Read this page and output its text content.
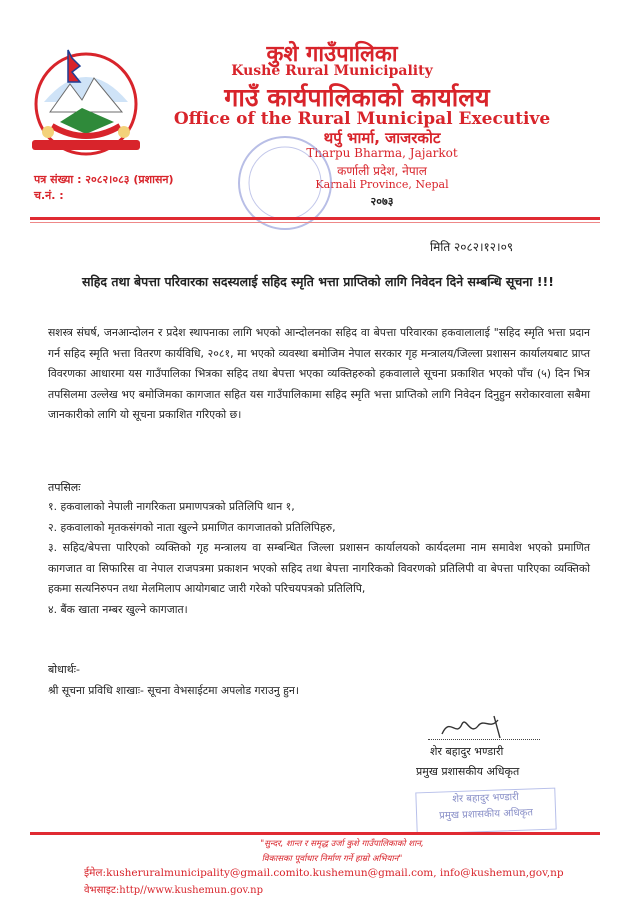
कुशे गाउँपालिका
Kushe Rural Municipality
गाउँ कार्यपालिकाको कार्यालय
Office of the Rural Municipal Executive
थर्पु भार्मा, जाजरकोट
Tharpu Bharma, Jajarkot
कर्णाली प्रदेश, नेपाल
Karnali Province, Nepal
२०७३
पत्र संख्या : २०८२।०८३ (प्रशासन)
च.नं. :
मिति २०८२।१२।०९
सहिद तथा बेपत्ता परिवारका सदस्यलाई सहिद स्मृति भत्ता प्राप्तिको लागि निवेदन दिने सम्बन्धि सूचना !!!
सशस्त्र संघर्ष, जनआन्दोलन र प्रदेश स्थापनाका लागि भएको आन्दोलनका सहिद वा बेपत्ता परिवारका हकवालालाई "सहिद स्मृति भत्ता प्रदान गर्न सहिद स्मृति भत्ता वितरण कार्यविधि, २०८१, मा भएको व्यवस्था बमोजिम नेपाल सरकार गृह मन्त्रालय/जिल्ला प्रशासन कार्यालयबाट प्राप्त विवरणका आधारमा यस गाउँपालिका भित्रका सहिद तथा बेपत्ता भएका व्यक्तिहरुको हकवालाले सूचना प्रकाशित भएको पाँच (५) दिन भित्र तपसिलमा उल्लेख भए बमोजिमका कागजात सहित यस गाउँपालिकामा सहिद स्मृति भत्ता प्राप्तिको लागि निवेदन दिनुहुन सरोकारवाला सबैमा जानकारीको लागि यो सूचना प्रकाशित गरिएको छ।
तपसिलः
१. हकवालाको नेपाली नागरिकता प्रमाणपत्रको प्रतिलिपि थान १,
२. हकवालाको मृतकसंगको नाता खुल्ने प्रमाणित कागजातको प्रतिलिपिहरु,
३. सहिद/बेपत्ता पारिएको व्यक्तिको गृह मन्त्रालय वा सम्बन्धित जिल्ला प्रशासन कार्यालयको कार्यदलमा नाम समावेश भएको प्रमाणित कागजात वा सिफारिस वा नेपाल राजपत्रमा प्रकाशन भएको सहिद तथा बेपत्ता नागरिकको विवरणको प्रतिलिपी वा बेपत्ता पारिएका व्यक्तिको हकमा सत्यनिरुपन तथा मेलमिलाप आयोगबाट जारी गरेको परिचयपत्रको प्रतिलिपि,
४. बैंक खाता नम्बर खुल्ने कागजात।
बोधार्थः-
श्री सूचना प्रविधि शाखाः- सूचना वेभसाईटमा अपलोड गराउनु हुन।
शेर बहादुर भण्डारी
प्रमुख प्रशासकीय अधिकृत
शेर बहादुर भण्डारी
प्रमुख प्रशासकीय अधिकृत
"सुन्दर, शान्त र समृद्ध उर्जा कुशे गाउँपालिकाको शान,
विकासका पूर्वाधार निर्माण गर्ने हाम्रो अभियान"
ईमेल:kusheruralmunicipality@gmail.comito.kushemun@gmail.com, info@kushemun,gov,np
वेभसाइट:http//www.kushemun.gov.np
